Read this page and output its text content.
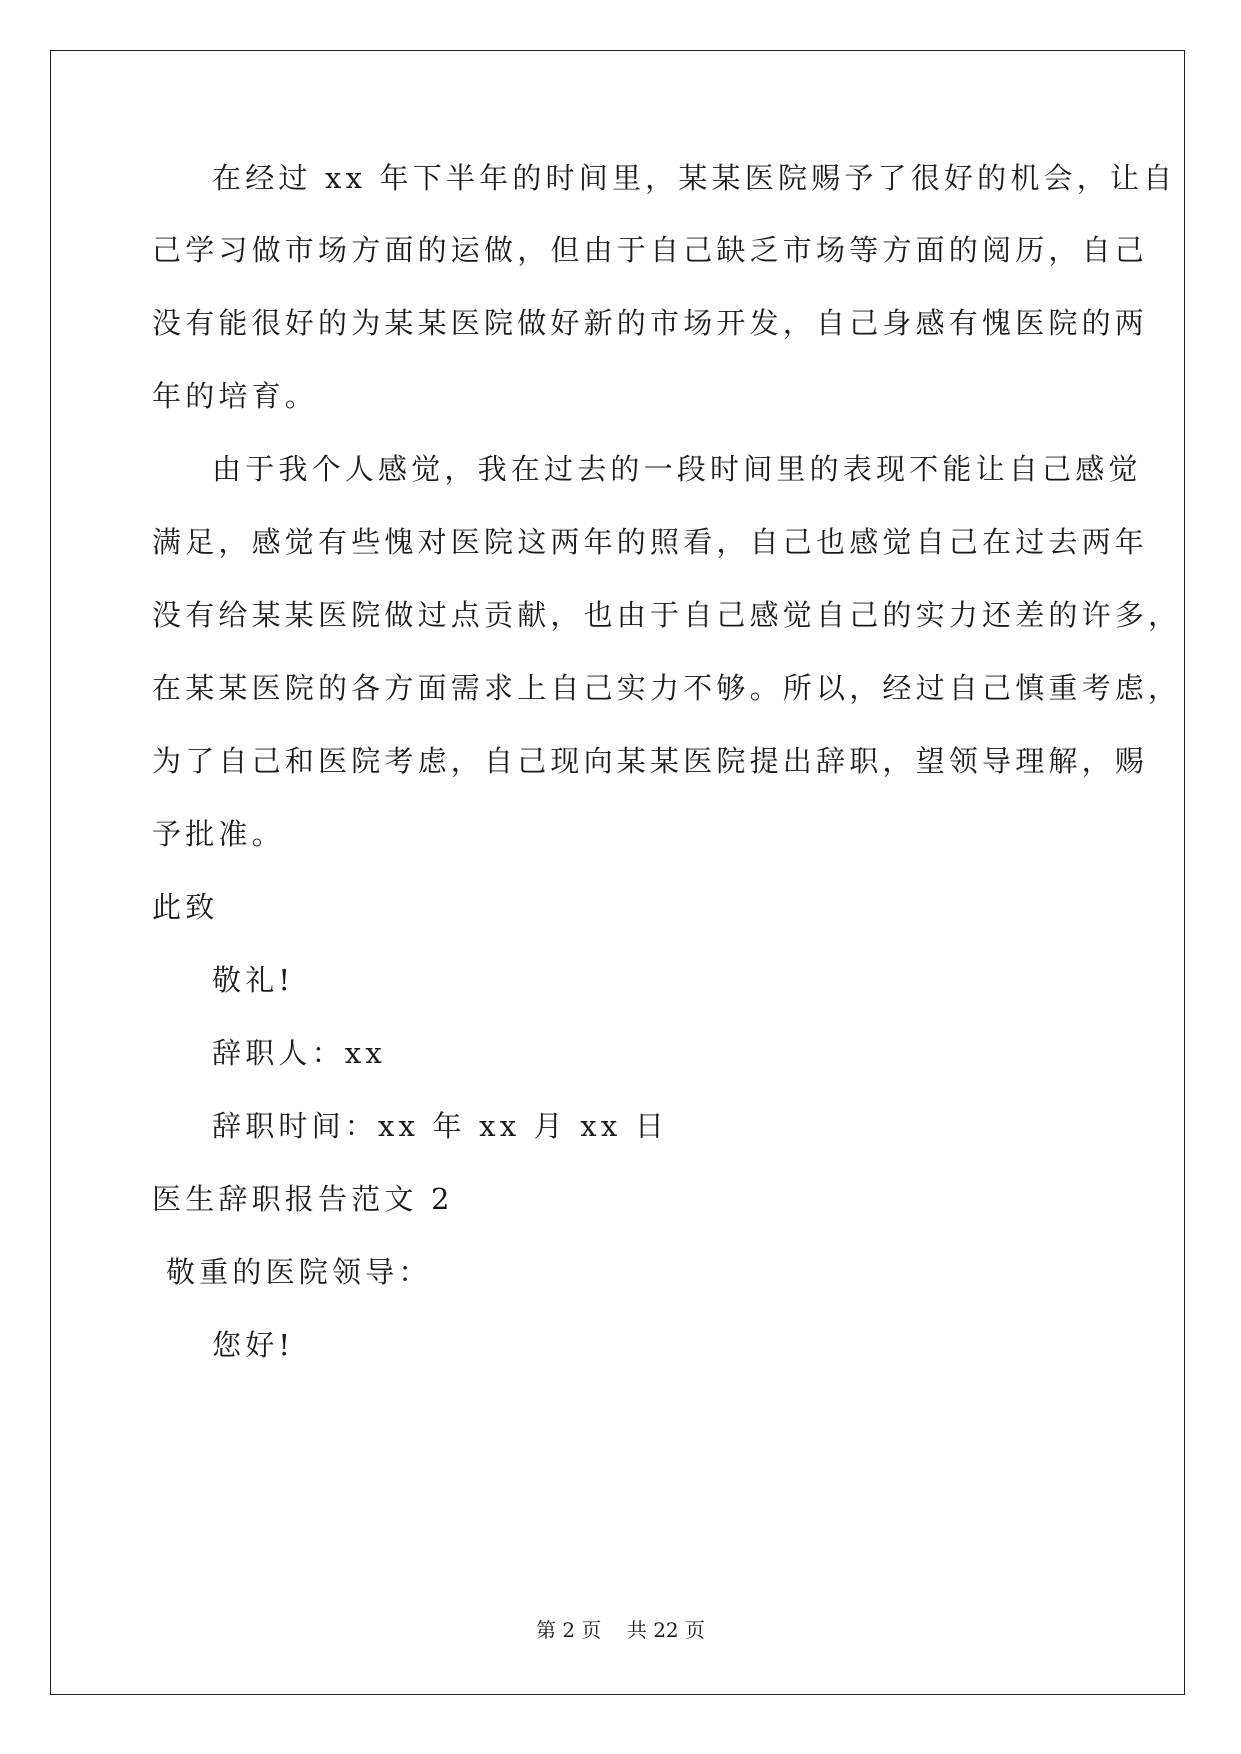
在经过 xx 年下半年的时间里，某某医院赐予了很好的机会，让自
己学习做市场方面的运做，但由于自己缺乏市场等方面的阅历，自己
没有能很好的为某某医院做好新的市场开发，自己身感有愧医院的两
年的培育。
由于我个人感觉，我在过去的一段时间里的表现不能让自己感觉
满足，感觉有些愧对医院这两年的照看，自己也感觉自己在过去两年
没有给某某医院做过点贡献，也由于自己感觉自己的实力还差的许多，
在某某医院的各方面需求上自己实力不够。所以，经过自己慎重考虑，
为了自己和医院考虑，自己现向某某医院提出辞职，望领导理解，赐
予批准。
此致
敬礼!
辞职人：xx
辞职时间：xx 年 xx 月 xx 日
医生辞职报告范文 2
敬重的医院领导：
您好!
第 2 页    共 22 页
